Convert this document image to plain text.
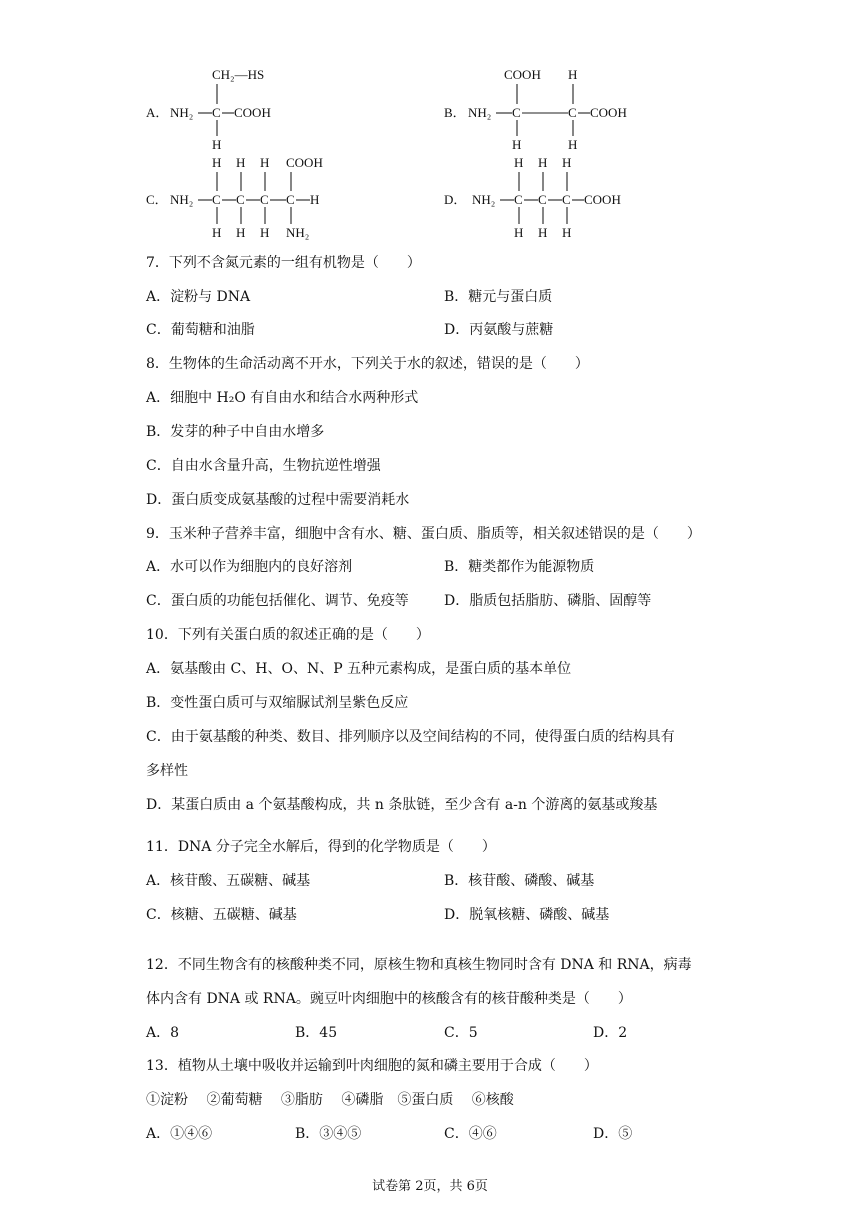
A． NH₂ C COOH
CH₂—HS
H
B． NH₂ C	C COOH
COOH H
H	H
C． NH₂ C C C C H
H H H COOH
H H H NH₂
D． NH₂ C C C COOH
H H H
H H H
7．下列不含氮元素的一组有机物是（　　）
A．淀粉与 DNA	B．糖元与蛋白质
C．葡萄糖和油脂	D．丙氨酸与蔗糖
8．生物体的生命活动离不开水，下列关于水的叙述，错误的是（　　）
A．细胞中 H₂O 有自由水和结合水两种形式
B．发芽的种子中自由水增多
C．自由水含量升高，生物抗逆性增强
D．蛋白质变成氨基酸的过程中需要消耗水
9．玉米种子营养丰富，细胞中含有水、糖、蛋白质、脂质等，相关叙述错误的是（　　）
A．水可以作为细胞内的良好溶剂	B．糖类都作为能源物质
C．蛋白质的功能包括催化、调节、免疫等	D．脂质包括脂肪、磷脂、固醇等
10．下列有关蛋白质的叙述正确的是（　　）
A．氨基酸由 C、H、O、N、P 五种元素构成，是蛋白质的基本单位
B．变性蛋白质可与双缩脲试剂呈紫色反应
C．由于氨基酸的种类、数目、排列顺序以及空间结构的不同，使得蛋白质的结构具有
多样性
D．某蛋白质由 a 个氨基酸构成，共 n 条肽链，至少含有 a-n 个游离的氨基或羧基
11．DNA 分子完全水解后，得到的化学物质是（　　）
A．核苷酸、五碳糖、碱基	B．核苷酸、磷酸、碱基
C．核糖、五碳糖、碱基	D．脱氧核糖、磷酸、碱基
12．不同生物含有的核酸种类不同，原核生物和真核生物同时含有 DNA 和 RNA，病毒
体内含有 DNA 或 RNA。豌豆叶肉细胞中的核酸含有的核苷酸种类是（　　）
A．8	B．45	C．5	D．2
13．植物从土壤中吸收并运输到叶肉细胞的氮和磷主要用于合成（　　）
①淀粉　 ②葡萄糖　 ③脂肪　 ④磷脂　⑤蛋白质　 ⑥核酸
A．①④⑥	B．③④⑤	C．④⑥	D．⑤
试卷第 2页，共 6页
